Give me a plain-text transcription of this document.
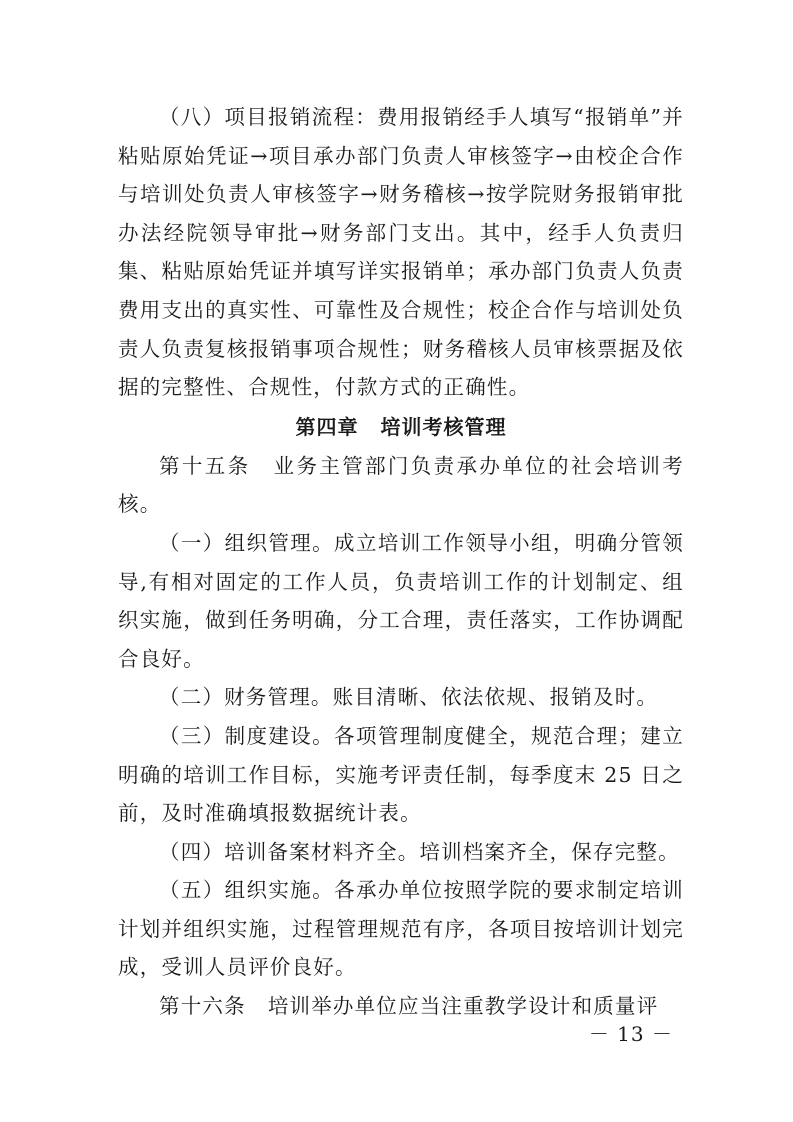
（八）项目报销流程：费用报销经手人填写“报销单”并粘贴原始凭证→项目承办部门负责人审核签字→由校企合作与培训处负责人审核签字→财务稽核→按学院财务报销审批办法经院领导审批→财务部门支出。其中，经手人负责归集、粘贴原始凭证并填写详实报销单；承办部门负责人负责费用支出的真实性、可靠性及合规性；校企合作与培训处负责人负责复核报销事项合规性；财务稽核人员审核票据及依据的完整性、合规性，付款方式的正确性。

第四章 培训考核管理

第十五条 业务主管部门负责承办单位的社会培训考核。

（一）组织管理。成立培训工作领导小组，明确分管领导,有相对固定的工作人员，负责培训工作的计划制定、组织实施，做到任务明确，分工合理，责任落实，工作协调配合良好。

（二）财务管理。账目清晰、依法依规、报销及时。

（三）制度建设。各项管理制度健全，规范合理；建立明确的培训工作目标，实施考评责任制，每季度末 25 日之前，及时准确填报数据统计表。

（四）培训备案材料齐全。培训档案齐全，保存完整。

（五）组织实施。各承办单位按照学院的要求制定培训计划并组织实施，过程管理规范有序，各项目按培训计划完成，受训人员评价良好。

第十六条 培训举办单位应当注重教学设计和质量评

－ 13 －
